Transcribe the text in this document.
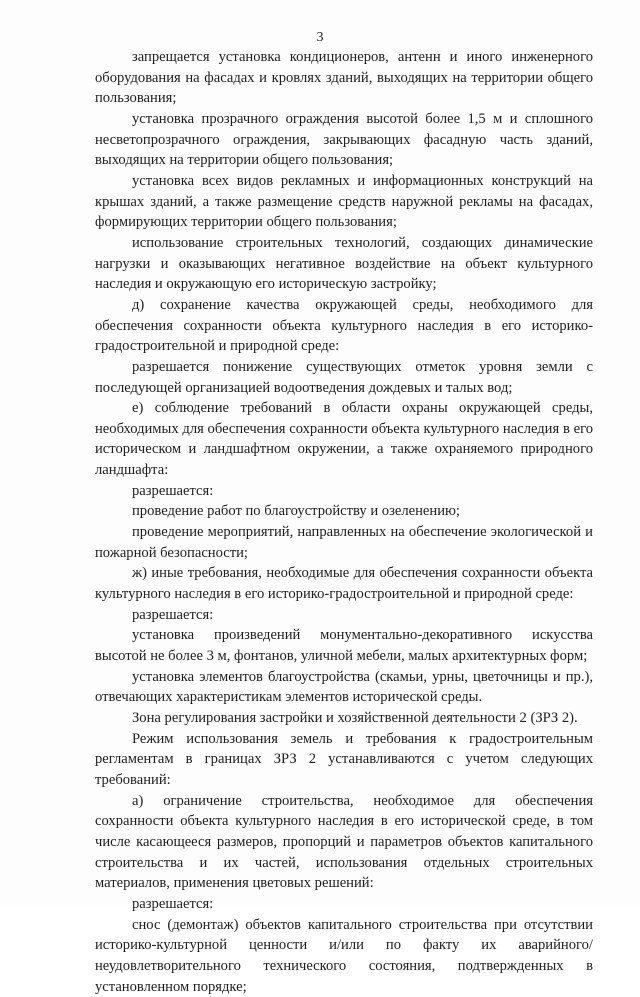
3

запрещается установка кондиционеров, антенн и иного инженерного оборудования на фасадах и кровлях зданий, выходящих на территории общего пользования;

установка прозрачного ограждения высотой более 1,5 м и сплошного несветопрозрачного ограждения, закрывающих фасадную часть зданий, выходящих на территории общего пользования;

установка всех видов рекламных и информационных конструкций на крышах зданий, а также размещение средств наружной рекламы на фасадах, формирующих территории общего пользования;

использование строительных технологий, создающих динамические нагрузки и оказывающих негативное воздействие на объект культурного наследия и окружающую его историческую застройку;

д) сохранение качества окружающей среды, необходимого для обеспечения сохранности объекта культурного наследия в его историко-градостроительной и природной среде:

разрешается понижение существующих отметок уровня земли с последующей организацией водоотведения дождевых и талых вод;

е) соблюдение требований в области охраны окружающей среды, необходимых для обеспечения сохранности объекта культурного наследия в его историческом и ландшафтном окружении, а также охраняемого природного ландшафта:

разрешается:

проведение работ по благоустройству и озеленению;

проведение мероприятий, направленных на обеспечение экологической и пожарной безопасности;

ж) иные требования, необходимые для обеспечения сохранности объекта культурного наследия в его историко-градостроительной и природной среде:

разрешается:

установка произведений монументально-декоративного искусства высотой не более 3 м, фонтанов, уличной мебели, малых архитектурных форм;

установка элементов благоустройства (скамьи, урны, цветочницы и пр.), отвечающих характеристикам элементов исторической среды.

Зона регулирования застройки и хозяйственной деятельности 2 (ЗРЗ 2).

Режим использования земель и требования к градостроительным регламентам в границах ЗРЗ 2 устанавливаются с учетом следующих требований:

а) ограничение строительства, необходимое для обеспечения сохранности объекта культурного наследия в его исторической среде, в том числе касающееся размеров, пропорций и параметров объектов капитального строительства и их частей, использования отдельных строительных материалов, применения цветовых решений:

разрешается:

снос (демонтаж) объектов капитального строительства при отсутствии историко-культурной ценности и/или по факту их аварийного/ неудовлетворительного технического состояния, подтвержденных в установленном порядке;
